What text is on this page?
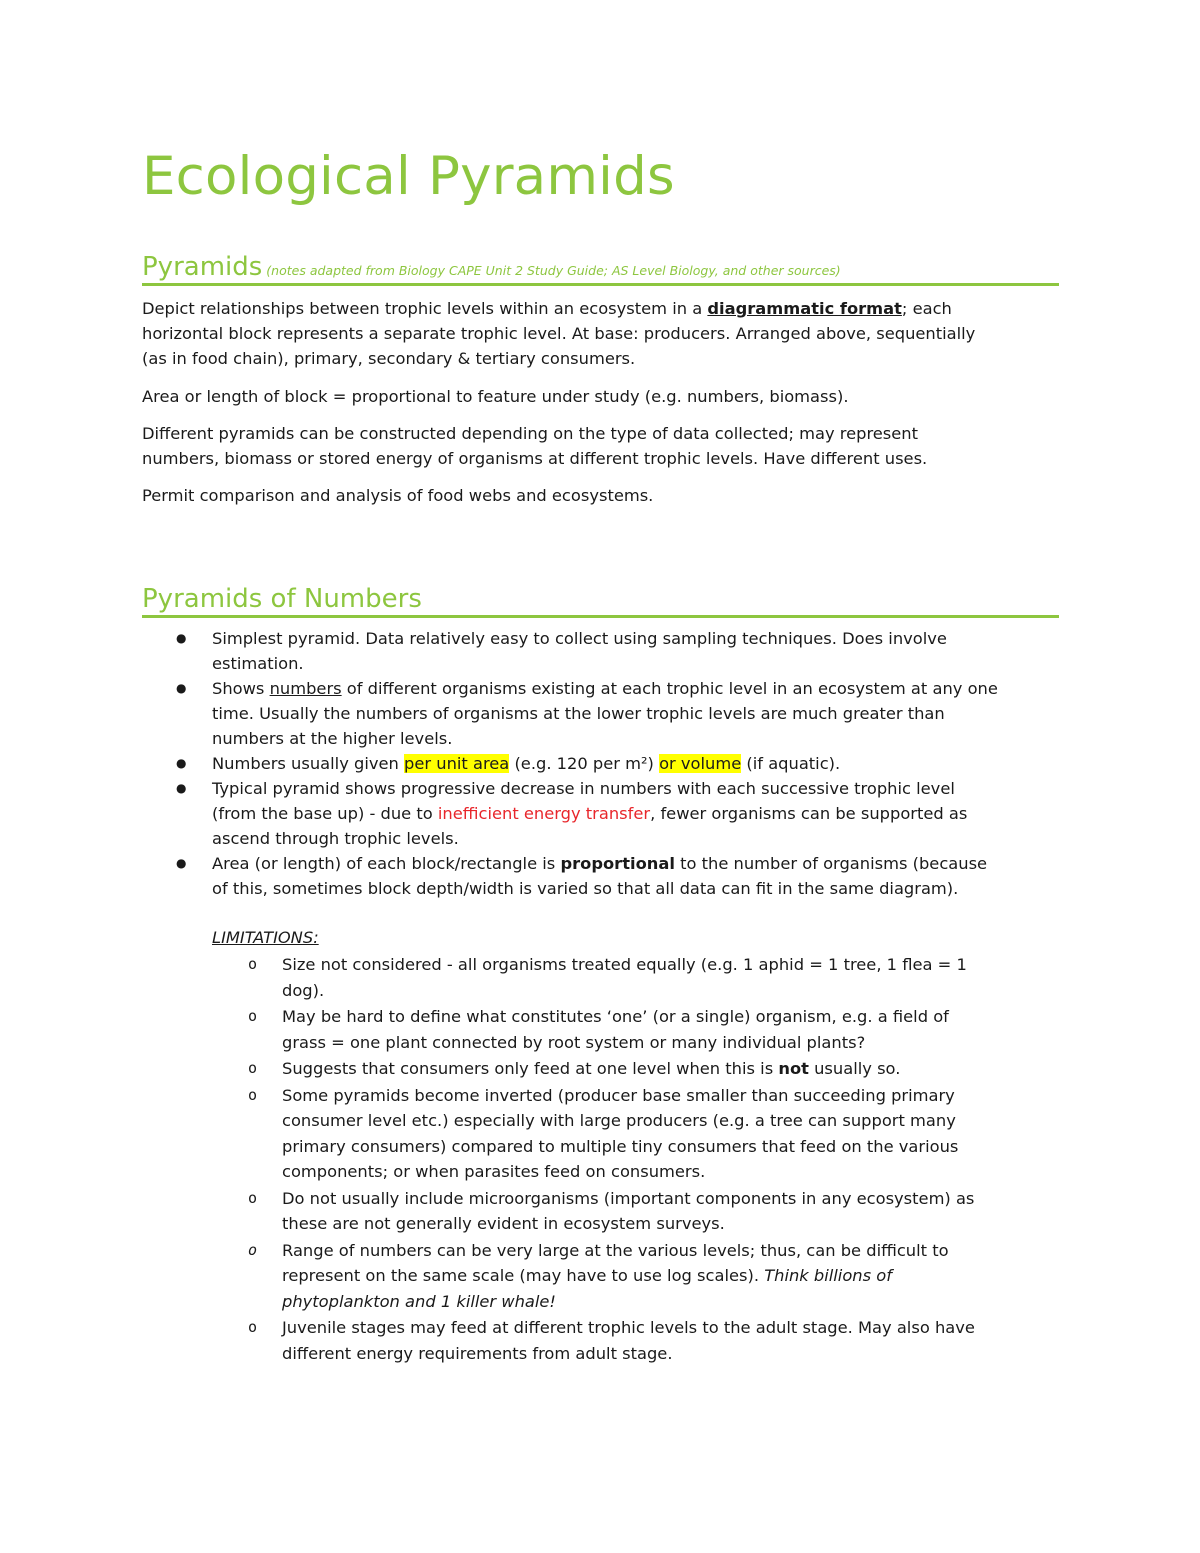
Ecological Pyramids
Pyramids (notes adapted from Biology CAPE Unit 2 Study Guide; AS Level Biology, and other sources)

Depict relationships between trophic levels within an ecosystem in a diagrammatic format; each
horizontal block represents a separate trophic level. At base: producers. Arranged above, sequentially
(as in food chain), primary, secondary & tertiary consumers.

Area or length of block = proportional to feature under study (e.g. numbers, biomass).

Different pyramids can be constructed depending on the type of data collected; may represent
numbers, biomass or stored energy of organisms at different trophic levels. Have different uses.

Permit comparison and analysis of food webs and ecosystems.

Pyramids of Numbers
● Simplest pyramid. Data relatively easy to collect using sampling techniques. Does involve
estimation.
● Shows numbers of different organisms existing at each trophic level in an ecosystem at any one
time. Usually the numbers of organisms at the lower trophic levels are much greater than
numbers at the higher levels.
● Numbers usually given per unit area (e.g. 120 per m²) or volume (if aquatic).
● Typical pyramid shows progressive decrease in numbers with each successive trophic level
(from the base up) - due to inefficient energy transfer, fewer organisms can be supported as
ascend through trophic levels.
● Area (or length) of each block/rectangle is proportional to the number of organisms (because
of this, sometimes block depth/width is varied so that all data can fit in the same diagram).
LIMITATIONS:
o Size not considered - all organisms treated equally (e.g. 1 aphid = 1 tree, 1 flea = 1
dog).
o May be hard to define what constitutes ‘one’ (or a single) organism, e.g. a field of
grass = one plant connected by root system or many individual plants?
o Suggests that consumers only feed at one level when this is not usually so.
o Some pyramids become inverted (producer base smaller than succeeding primary
consumer level etc.) especially with large producers (e.g. a tree can support many
primary consumers) compared to multiple tiny consumers that feed on the various
components; or when parasites feed on consumers.
o Do not usually include microorganisms (important components in any ecosystem) as
these are not generally evident in ecosystem surveys.
o Range of numbers can be very large at the various levels; thus, can be difficult to
represent on the same scale (may have to use log scales). Think billions of
phytoplankton and 1 killer whale!
o Juvenile stages may feed at different trophic levels to the adult stage. May also have
different energy requirements from adult stage.
